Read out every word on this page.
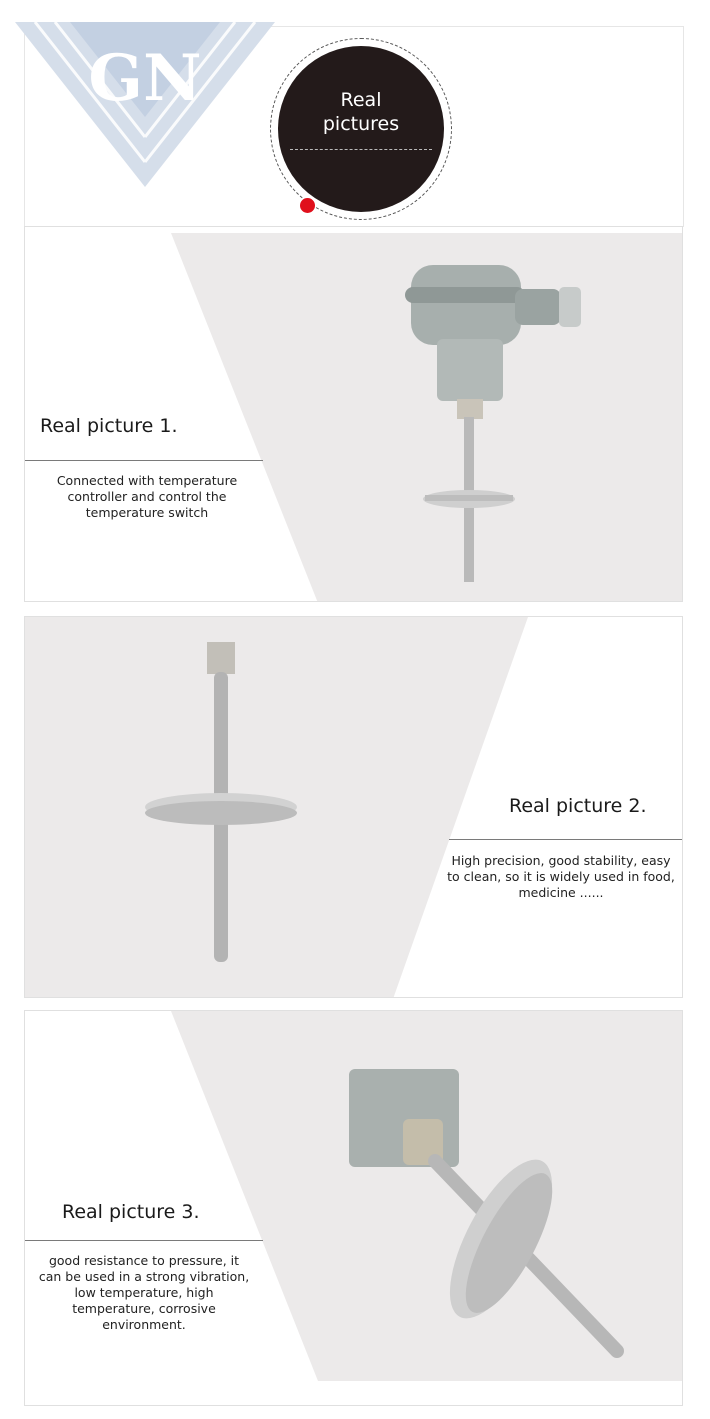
GN	Real
pictures
Real picture 1.
Connected with temperature controller and control the temperature switch
Real picture 2.
High precision, good stability, easy to clean, so it is widely used in food, medicine ......
Real picture 3.
good resistance to pressure, it can be used in a strong vibration, low temperature, high temperature, corrosive environment.
